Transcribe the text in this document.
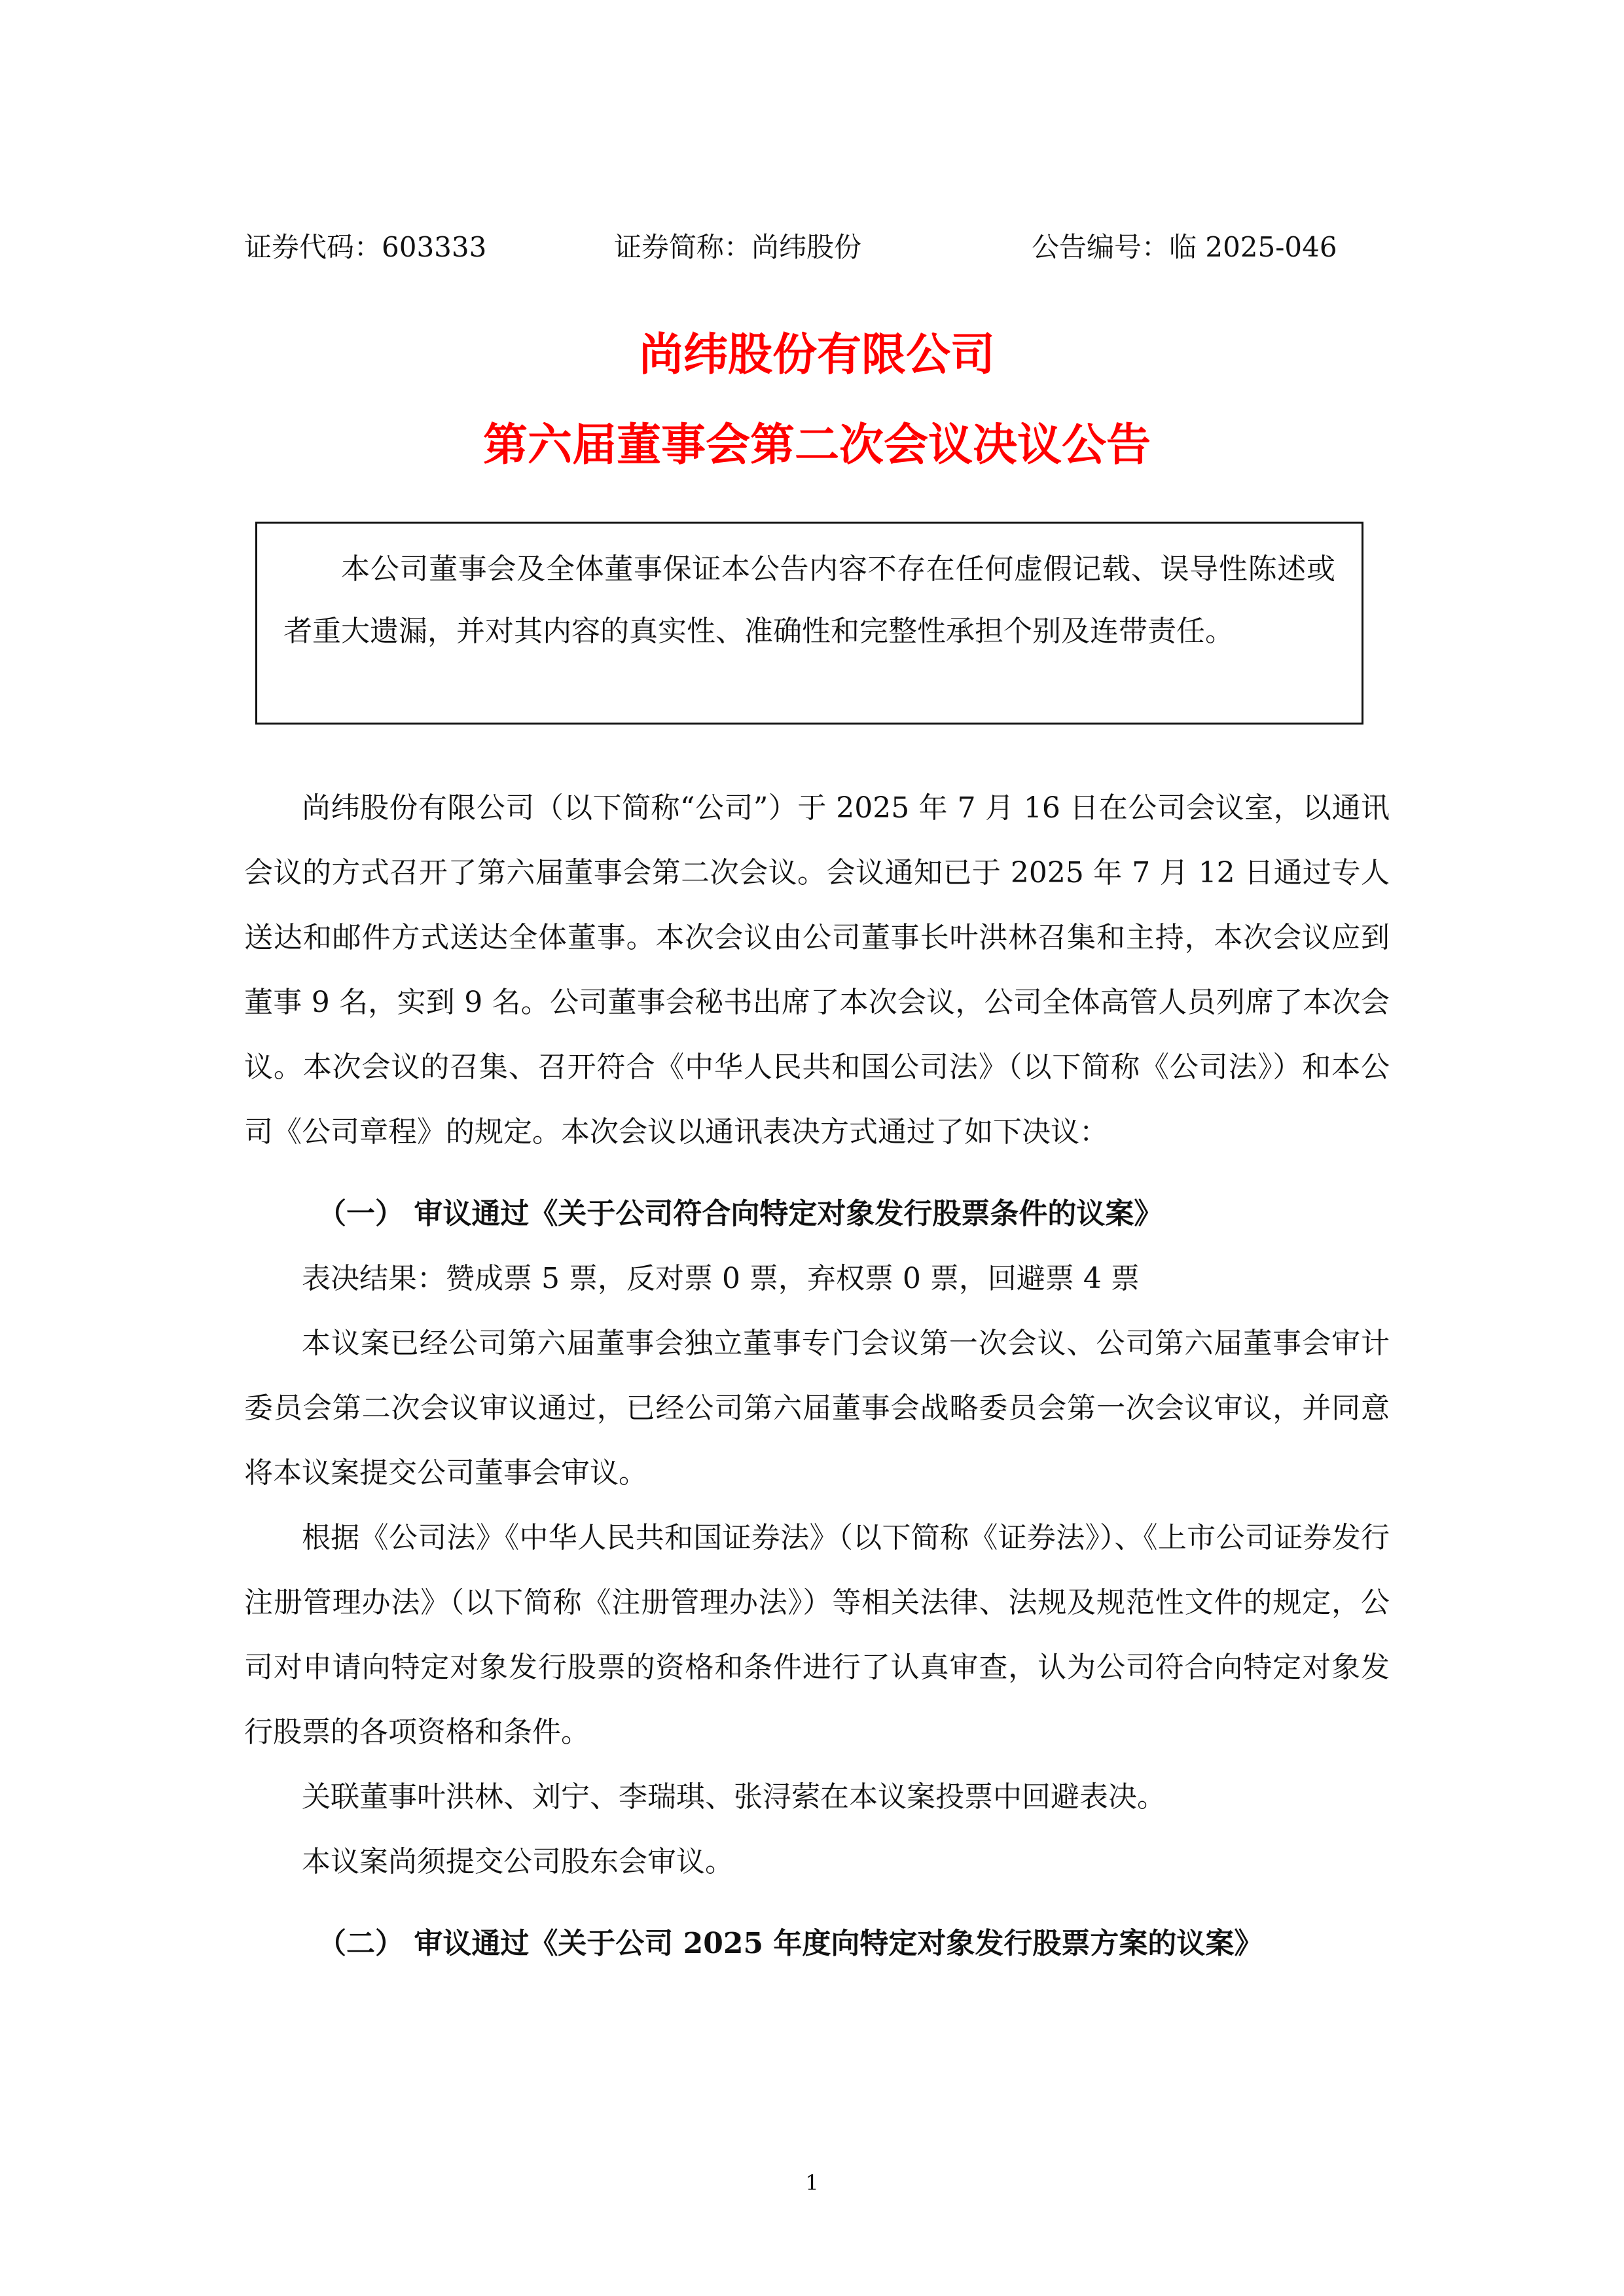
证券代码：603333	证券简称：尚纬股份	公告编号：临 2025-046
尚纬股份有限公司
第六届董事会第二次会议决议公告
本公司董事会及全体董事保证本公告内容不存在任何虚假记载、误导性陈述或者重大遗漏，并对其内容的真实性、准确性和完整性承担个别及连带责任。

尚纬股份有限公司（以下简称“公司”）于 2025 年 7 月 16 日在公司会议室，以通讯会议的方式召开了第六届董事会第二次会议。会议通知已于 2025 年 7 月 12 日通过专人送达和邮件方式送达全体董事。本次会议由公司董事长叶洪林召集和主持，本次会议应到董事 9 名，实到 9 名。公司董事会秘书出席了本次会议，公司全体高管人员列席了本次会议。本次会议的召集、召开符合《中华人民共和国公司法》（以下简称《公司法》）和本公司《公司章程》的规定。本次会议以通讯表决方式通过了如下决议：

（一） 审议通过《关于公司符合向特定对象发行股票条件的议案》

表决结果：赞成票 5 票，反对票 0 票，弃权票 0 票，回避票 4 票

本议案已经公司第六届董事会独立董事专门会议第一次会议、公司第六届董事会审计委员会第二次会议审议通过，已经公司第六届董事会战略委员会第一次会议审议，并同意将本议案提交公司董事会审议。

根据《公司法》《中华人民共和国证券法》（以下简称《证券法》）、《上市公司证券发行注册管理办法》（以下简称《注册管理办法》）等相关法律、法规及规范性文件的规定，公司对申请向特定对象发行股票的资格和条件进行了认真审查，认为公司符合向特定对象发行股票的各项资格和条件。

关联董事叶洪林、刘宁、李瑞琪、张浔萦在本议案投票中回避表决。

本议案尚须提交公司股东会审议。

（二） 审议通过《关于公司 2025 年度向特定对象发行股票方案的议案》

1
